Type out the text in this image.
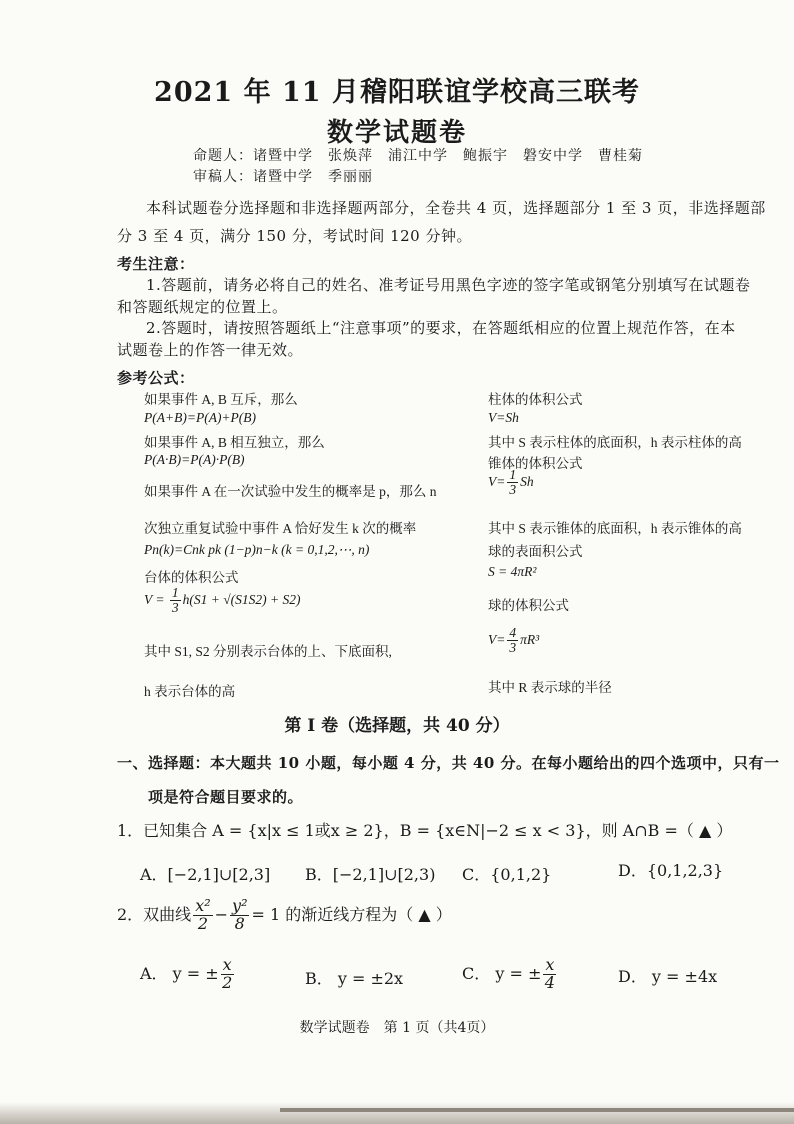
2021 年 11 月稽阳联谊学校高三联考
数学试题卷
命题人：诸暨中学　张焕萍　浦江中学　鲍振宇　磐安中学　曹桂菊
审稿人：诸暨中学　季丽丽
本科试题卷分选择题和非选择题两部分，全卷共 4 页，选择题部分 1 至 3 页，非选择题部
分 3 至 4 页，满分 150 分，考试时间 120 分钟。
考生注意：
1.答题前，请务必将自己的姓名、准考证号用黑色字迹的签字笔或钢笔分别填写在试题卷
和答题纸规定的位置上。
2.答题时，请按照答题纸上“注意事项”的要求，在答题纸相应的位置上规范作答，在本
试题卷上的作答一律无效。
参考公式：
如果事件 A, B 互斥，那么
P(A+B)=P(A)+P(B)
如果事件 A, B 相互独立，那么
P(A·B)=P(A)·P(B)
如果事件 A 在一次试验中发生的概率是 p，那么 n
次独立重复试验中事件 A 恰好发生 k 次的概率
Pn(k)=Cnk pk (1−p)n−k (k = 0,1,2,⋯, n)
台体的体积公式
$V = \frac{1}{3} h(S1 + √(S1S2) + S2)$
其中 S1, S2 分别表示台体的上、下底面积,
h 表示台体的高
柱体的体积公式
V=Sh
其中 S 表示柱体的底面积，h 表示柱体的高
锥体的体积公式
$V= \frac{1}{3}$ Sh
其中 S 表示锥体的底面积，h 表示锥体的高
球的表面积公式
S = 4πR²
球的体积公式
$V= \frac{4}{3} \pi R^3$
其中 R 表示球的半径
第 I 卷（选择题，共 40 分）
一、选择题：本大题共 10 小题，每小题 4 分，共 40 分。在每小题给出的四个选项中，只有一
项是符合题目要求的。
1．已知集合 A = {x|x ≤ 1或x ≥ 2}，B = {x∈N|−2 ≤ x < 3}，则 A∩B =（ ▲ ）
A．[−2,1]∪[2,3] B．[−2,1]∪[2,3) C．{0,1,2}	D．{0,1,2,3}
2．双曲线 $\frac{\text{x²}}{2} - \frac{\text{y²}}{8} = 1$ 的渐近线方程为（ ▲ ）
A． y = ± $\frac{x}{2}$	B． y = ±2x	C． y = ± $\frac{x}{4}$	D． y = ±4x
数学试题卷　第 1 页（共4页）
